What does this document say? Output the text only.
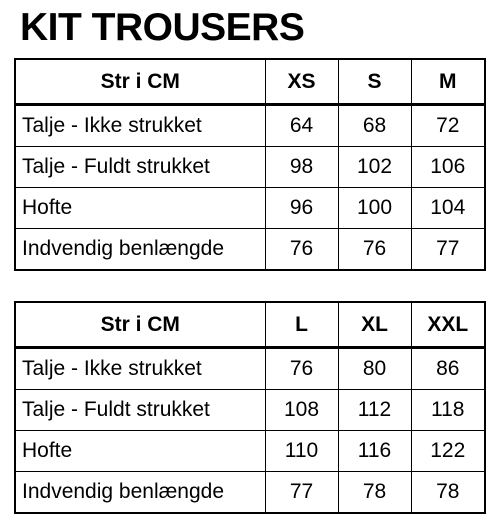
KIT TROUSERS
Str i CM	XS	S	M
Talje - Ikke strukket	64	68	72
Talje - Fuldt strukket	98	102	106
Hofte	96	100	104
Indvendig benlængde	76	76	77
Str i CM	L	XL	XXL
Talje - Ikke strukket	76	80	86
Talje - Fuldt strukket	108	112	118
Hofte	110	116	122
Indvendig benlængde	77	78	78
